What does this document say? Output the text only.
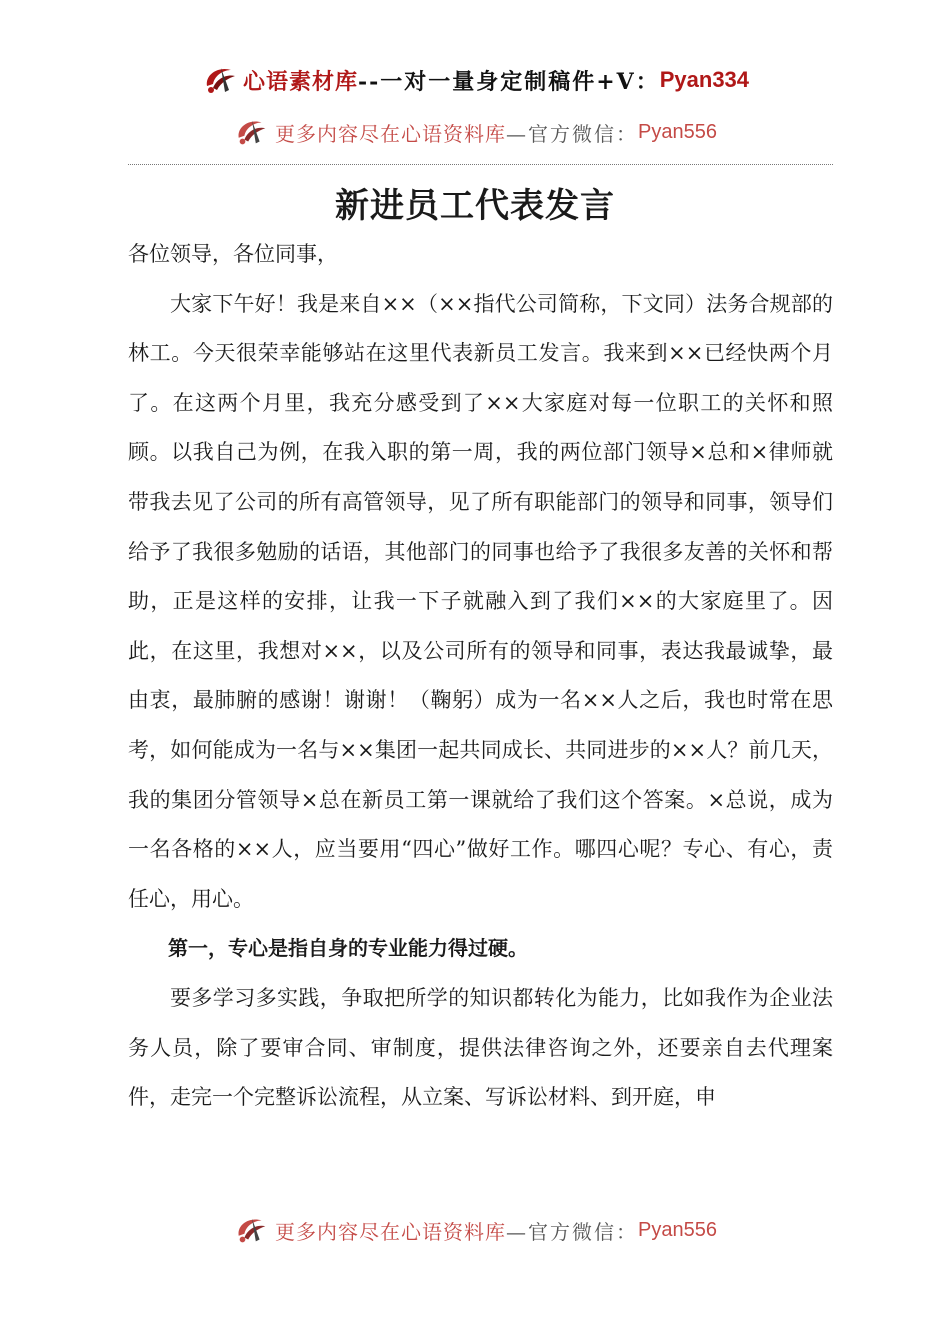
心语素材库 --一对一量身定制稿件+V： Pyan334
更多内容尽在心语资料库 —官方微信： Pyan556
新进员工代表发言

各位领导，各位同事，

大家下午好！我是来自××（××指代公司简称，下文同）法务合规部的林工。今天很荣幸能够站在这里代表新员工发言。我来到××已经快两个月了。在这两个月里，我充分感受到了××大家庭对每一位职工的关怀和照顾。以我自己为例，在我入职的第一周，我的两位部门领导×总和×律师就带我去见了公司的所有高管领导，见了所有职能部门的领导和同事，领导们给予了我很多勉励的话语，其他部门的同事也给予了我很多友善的关怀和帮助，正是这样的安排，让我一下子就融入到了我们××的大家庭里了。因此，在这里，我想对××，以及公司所有的领导和同事，表达我最诚挚，最由衷，最肺腑的感谢！谢谢！（鞠躬）成为一名××人之后，我也时常在思考，如何能成为一名与××集团一起共同成长、共同进步的××人？前几天，我的集团分管领导×总在新员工第一课就给了我们这个答案。×总说，成为一名各格的××人，应当要用“四心”做好工作。哪四心呢？专心、有心，责任心，用心。

第一，专心是指自身的专业能力得过硬。

要多学习多实践，争取把所学的知识都转化为能力，比如我作为企业法务人员，除了要审合同、审制度，提供法律咨询之外，还要亲自去代理案件，走完一个完整诉讼流程，从立案、写诉讼材料、到开庭，申

更多内容尽在心语资料库 —官方微信： Pyan556
